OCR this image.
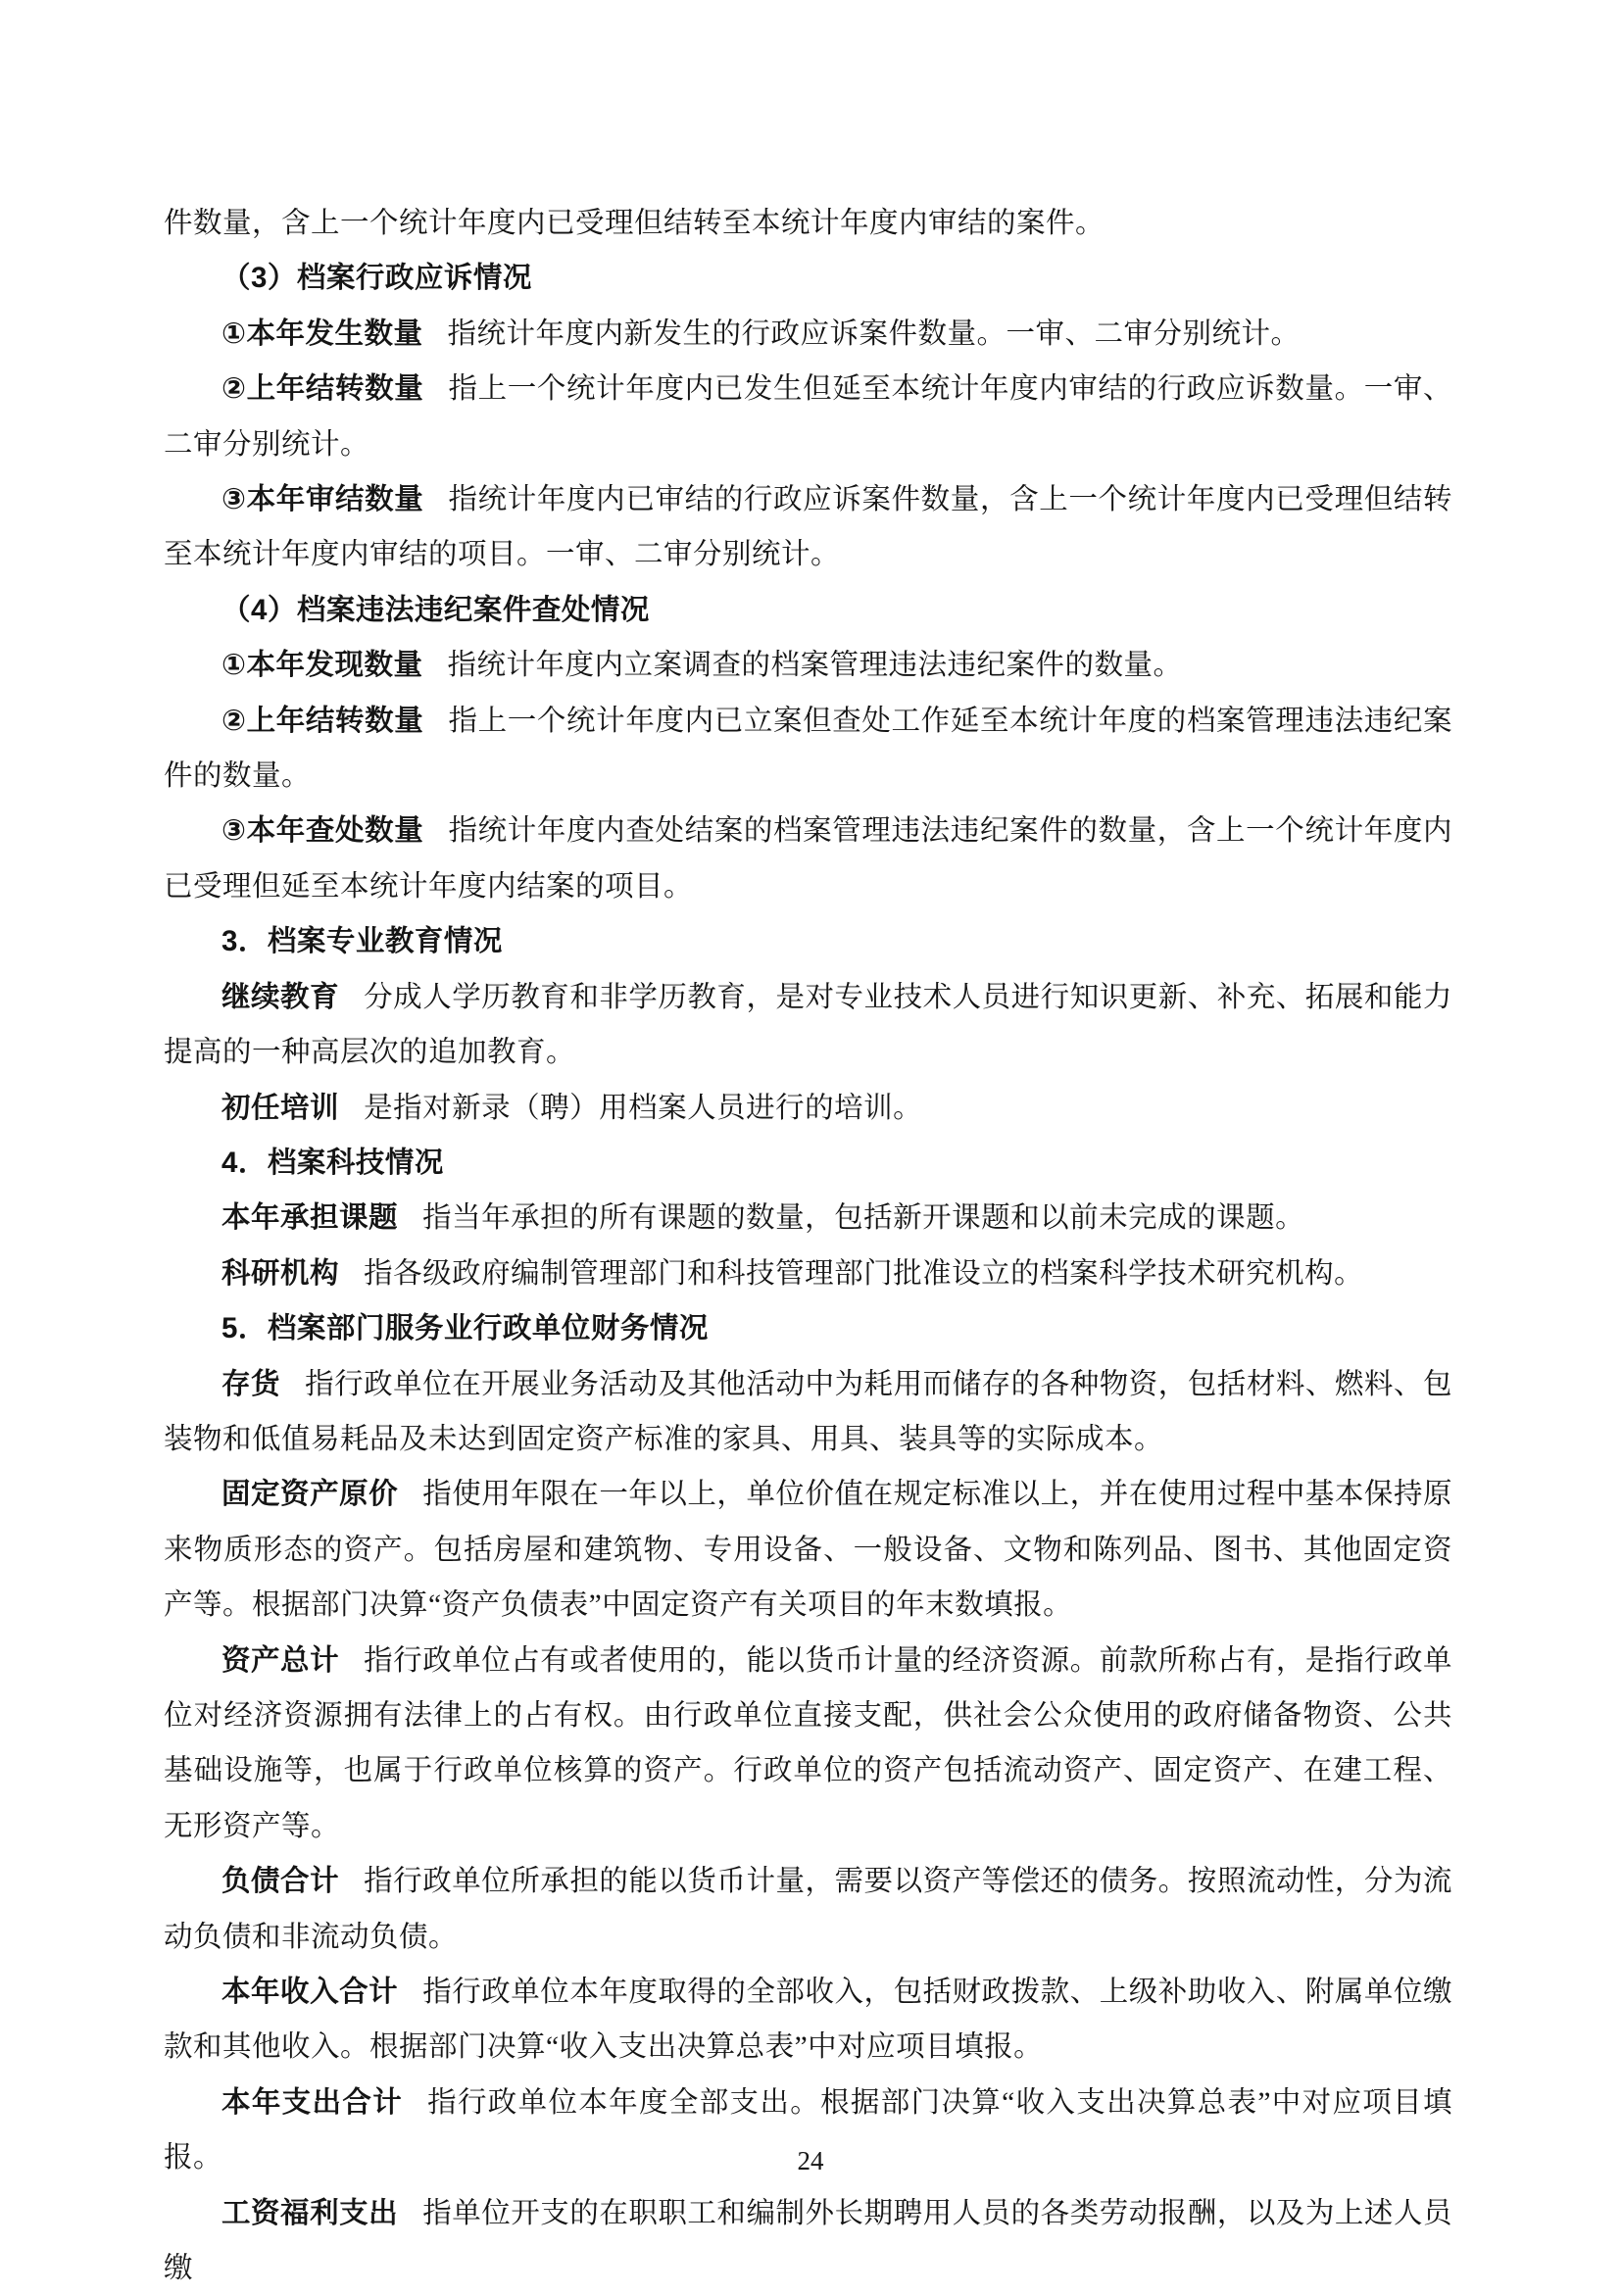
件数量，含上一个统计年度内已受理但结转至本统计年度内审结的案件。

（3）档案行政应诉情况

①本年发生数量 指统计年度内新发生的行政应诉案件数量。一审、二审分别统计。

②上年结转数量 指上一个统计年度内已发生但延至本统计年度内审结的行政应诉数量。一审、二审分别统计。

③本年审结数量 指统计年度内已审结的行政应诉案件数量，含上一个统计年度内已受理但结转至本统计年度内审结的项目。一审、二审分别统计。

（4）档案违法违纪案件查处情况

①本年发现数量 指统计年度内立案调查的档案管理违法违纪案件的数量。

②上年结转数量 指上一个统计年度内已立案但查处工作延至本统计年度的档案管理违法违纪案件的数量。

③本年查处数量 指统计年度内查处结案的档案管理违法违纪案件的数量，含上一个统计年度内已受理但延至本统计年度内结案的项目。

3．档案专业教育情况

继续教育 分成人学历教育和非学历教育，是对专业技术人员进行知识更新、补充、拓展和能力提高的一种高层次的追加教育。

初任培训 是指对新录（聘）用档案人员进行的培训。

4．档案科技情况

本年承担课题 指当年承担的所有课题的数量，包括新开课题和以前未完成的课题。

科研机构 指各级政府编制管理部门和科技管理部门批准设立的档案科学技术研究机构。

5．档案部门服务业行政单位财务情况

存货 指行政单位在开展业务活动及其他活动中为耗用而储存的各种物资，包括材料、燃料、包装物和低值易耗品及未达到固定资产标准的家具、用具、装具等的实际成本。

固定资产原价 指使用年限在一年以上，单位价值在规定标准以上，并在使用过程中基本保持原来物质形态的资产。包括房屋和建筑物、专用设备、一般设备、文物和陈列品、图书、其他固定资产等。根据部门决算“资产负债表”中固定资产有关项目的年末数填报。

资产总计 指行政单位占有或者使用的，能以货币计量的经济资源。前款所称占有，是指行政单位对经济资源拥有法律上的占有权。由行政单位直接支配，供社会公众使用的政府储备物资、公共基础设施等，也属于行政单位核算的资产。行政单位的资产包括流动资产、固定资产、在建工程、无形资产等。

负债合计 指行政单位所承担的能以货币计量，需要以资产等偿还的债务。按照流动性，分为流动负债和非流动负债。

本年收入合计 指行政单位本年度取得的全部收入，包括财政拨款、上级补助收入、附属单位缴款和其他收入。根据部门决算“收入支出决算总表”中对应项目填报。

本年支出合计 指行政单位本年度全部支出。根据部门决算“收入支出决算总表”中对应项目填报。

工资福利支出 指单位开支的在职职工和编制外长期聘用人员的各类劳动报酬，以及为上述人员缴

24
